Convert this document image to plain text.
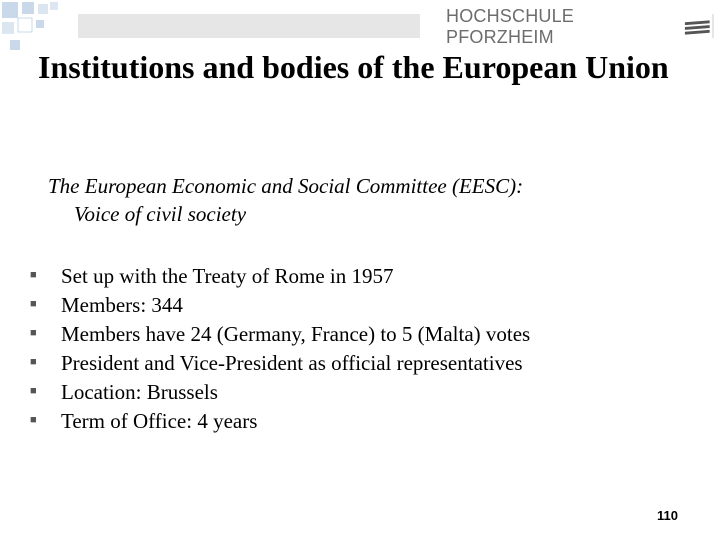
HOCHSCHULE PFORZHEIM
Institutions and bodies of the European Union
The European Economic and Social Committee (EESC):
Voice of civil society
■ Set up with the Treaty of Rome in 1957
■ Members: 344
■ Members have 24 (Germany, France) to 5 (Malta) votes
■ President and Vice-President as official representatives
■ Location: Brussels
■ Term of Office: 4 years
110
